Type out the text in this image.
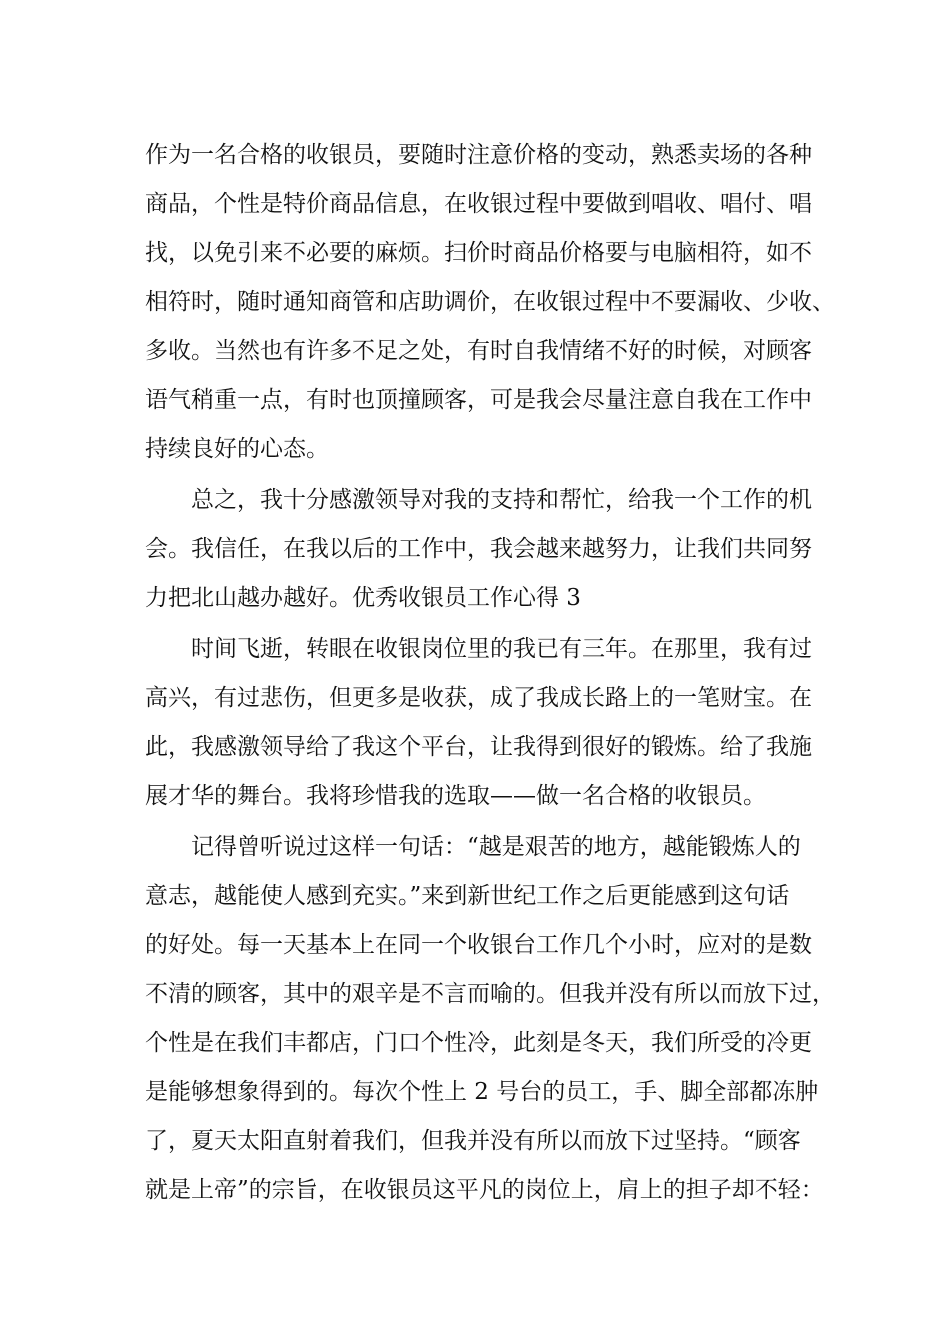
作为一名合格的收银员，要随时注意价格的变动，熟悉卖场的各种
商品，个性是特价商品信息，在收银过程中要做到唱收、唱付、唱
找，以免引来不必要的麻烦。扫价时商品价格要与电脑相符，如不
相符时，随时通知商管和店助调价，在收银过程中不要漏收、少收、
多收。当然也有许多不足之处，有时自我情绪不好的时候，对顾客
语气稍重一点，有时也顶撞顾客，可是我会尽量注意自我在工作中
持续良好的心态。
总之，我十分感激领导对我的支持和帮忙，给我一个工作的机
会。我信任，在我以后的工作中，我会越来越努力，让我们共同努
力把北山越办越好。优秀收银员工作心得 3
时间飞逝，转眼在收银岗位里的我已有三年。在那里，我有过
高兴，有过悲伤，但更多是收获，成了我成长路上的一笔财宝。在
此，我感激领导给了我这个平台，让我得到很好的锻炼。给了我施
展才华的舞台。我将珍惜我的选取——做一名合格的收银员。
记得曾听说过这样一句话：“越是艰苦的地方，越能锻炼人的
意志，越能使人感到充实。”来到新世纪工作之后更能感到这句话
的好处。每一天基本上在同一个收银台工作几个小时，应对的是数
不清的顾客，其中的艰辛是不言而喻的。但我并没有所以而放下过，
个性是在我们丰都店，门口个性冷，此刻是冬天，我们所受的冷更
是能够想象得到的。每次个性上 2 号台的员工，手、脚全部都冻肿
了，夏天太阳直射着我们，但我并没有所以而放下过坚持。“顾客
就是上帝”的宗旨，在收银员这平凡的岗位上，肩上的担子却不轻：
